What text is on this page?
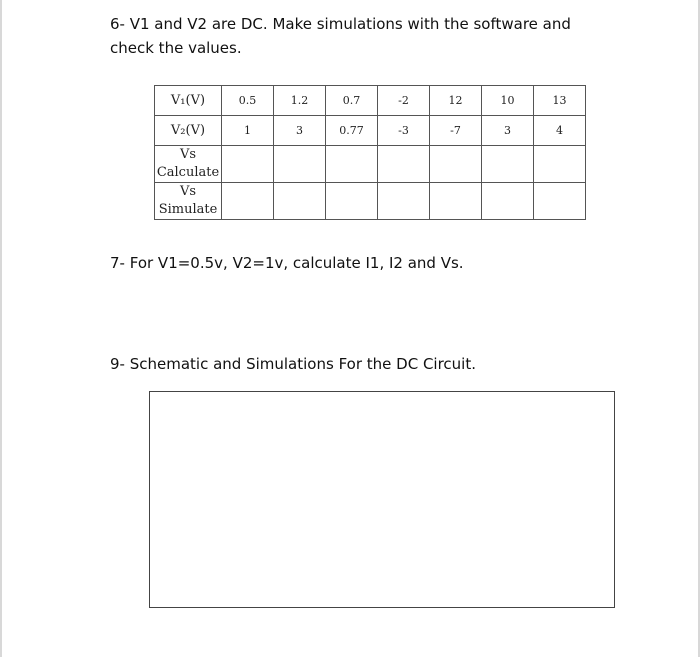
6- V1 and V2 are DC. Make simulations with the software and
check the values.

V₁(V)	0.5	1.2	0.7	-2	12	10	13
V₂(V)	1	3	0.77	-3	-7	3	4

Vs
Calculate							

Vs
Simulate							

7- For V1=0.5v, V2=1v, calculate I1, I2 and Vs.

9- Schematic and Simulations For the DC Circuit.
